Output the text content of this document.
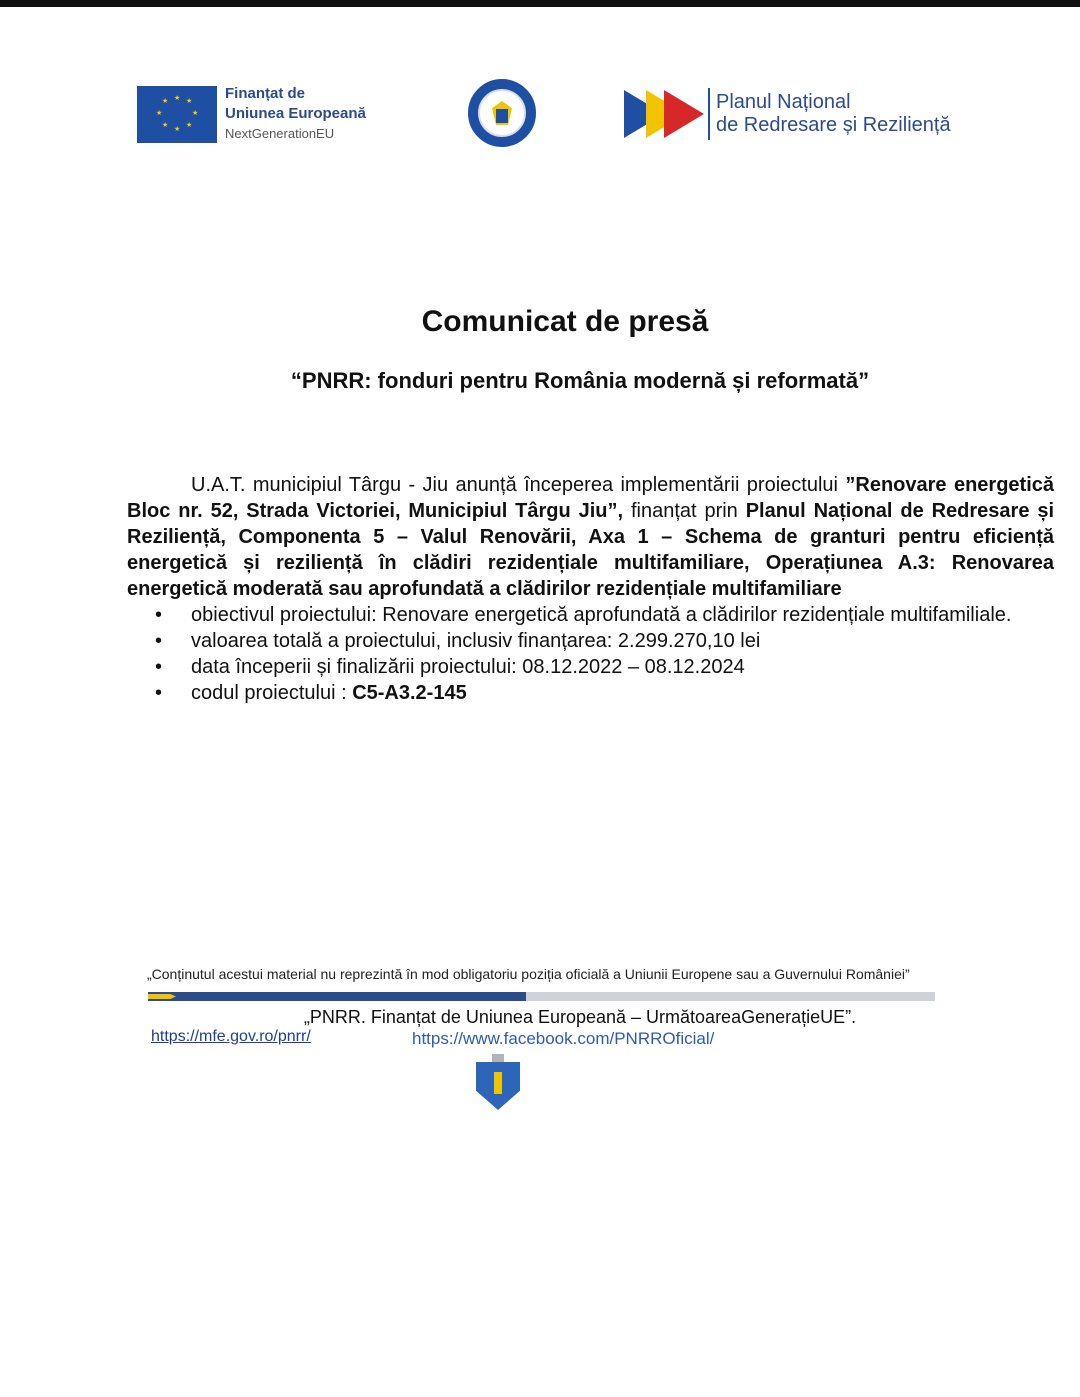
★ ★
★
★
★
★
★
★	Finanțat de
Uniunea Europeană
NextGenerationEU
Planul Național
de Redresare și Reziliență
Comunicat de presă
“PNRR: fonduri pentru România modernă și reformată”

U.A.T. municipiul Târgu - Jiu anunță începerea implementării proiectului ”Renovare energetică Bloc nr. 52, Strada Victoriei, Municipiul Târgu Jiu”, finanțat prin Planul Național de Redresare și Reziliență, Componenta 5 – Valul Renovării, Axa 1 – Schema de granturi pentru eficiență energetică și reziliență în clădiri rezidențiale multifamiliare, Operațiunea A.3: Renovarea energetică moderată sau aprofundată a clădirilor rezidențiale multifamiliare

• obiectivul proiectului: Renovare energetică aprofundată a clădirilor rezidențiale multifamiliale.
• valoarea totală a proiectului, inclusiv finanțarea: 2.299.270,10 lei
• data începerii și finalizării proiectului: 08.12.2022 – 08.12.2024
• codul proiectului : C5-A3.2-145
„Conținutul acestui material nu reprezintă în mod obligatoriu poziția oficială a Uniunii Europene sau a Guvernului României”
„PNRR. Finanțat de Uniunea Europeană – UrmătoareaGenerațieUE”.
https://mfe.gov.ro/pnrr/	https://www.facebook.com/PNRROficial/
